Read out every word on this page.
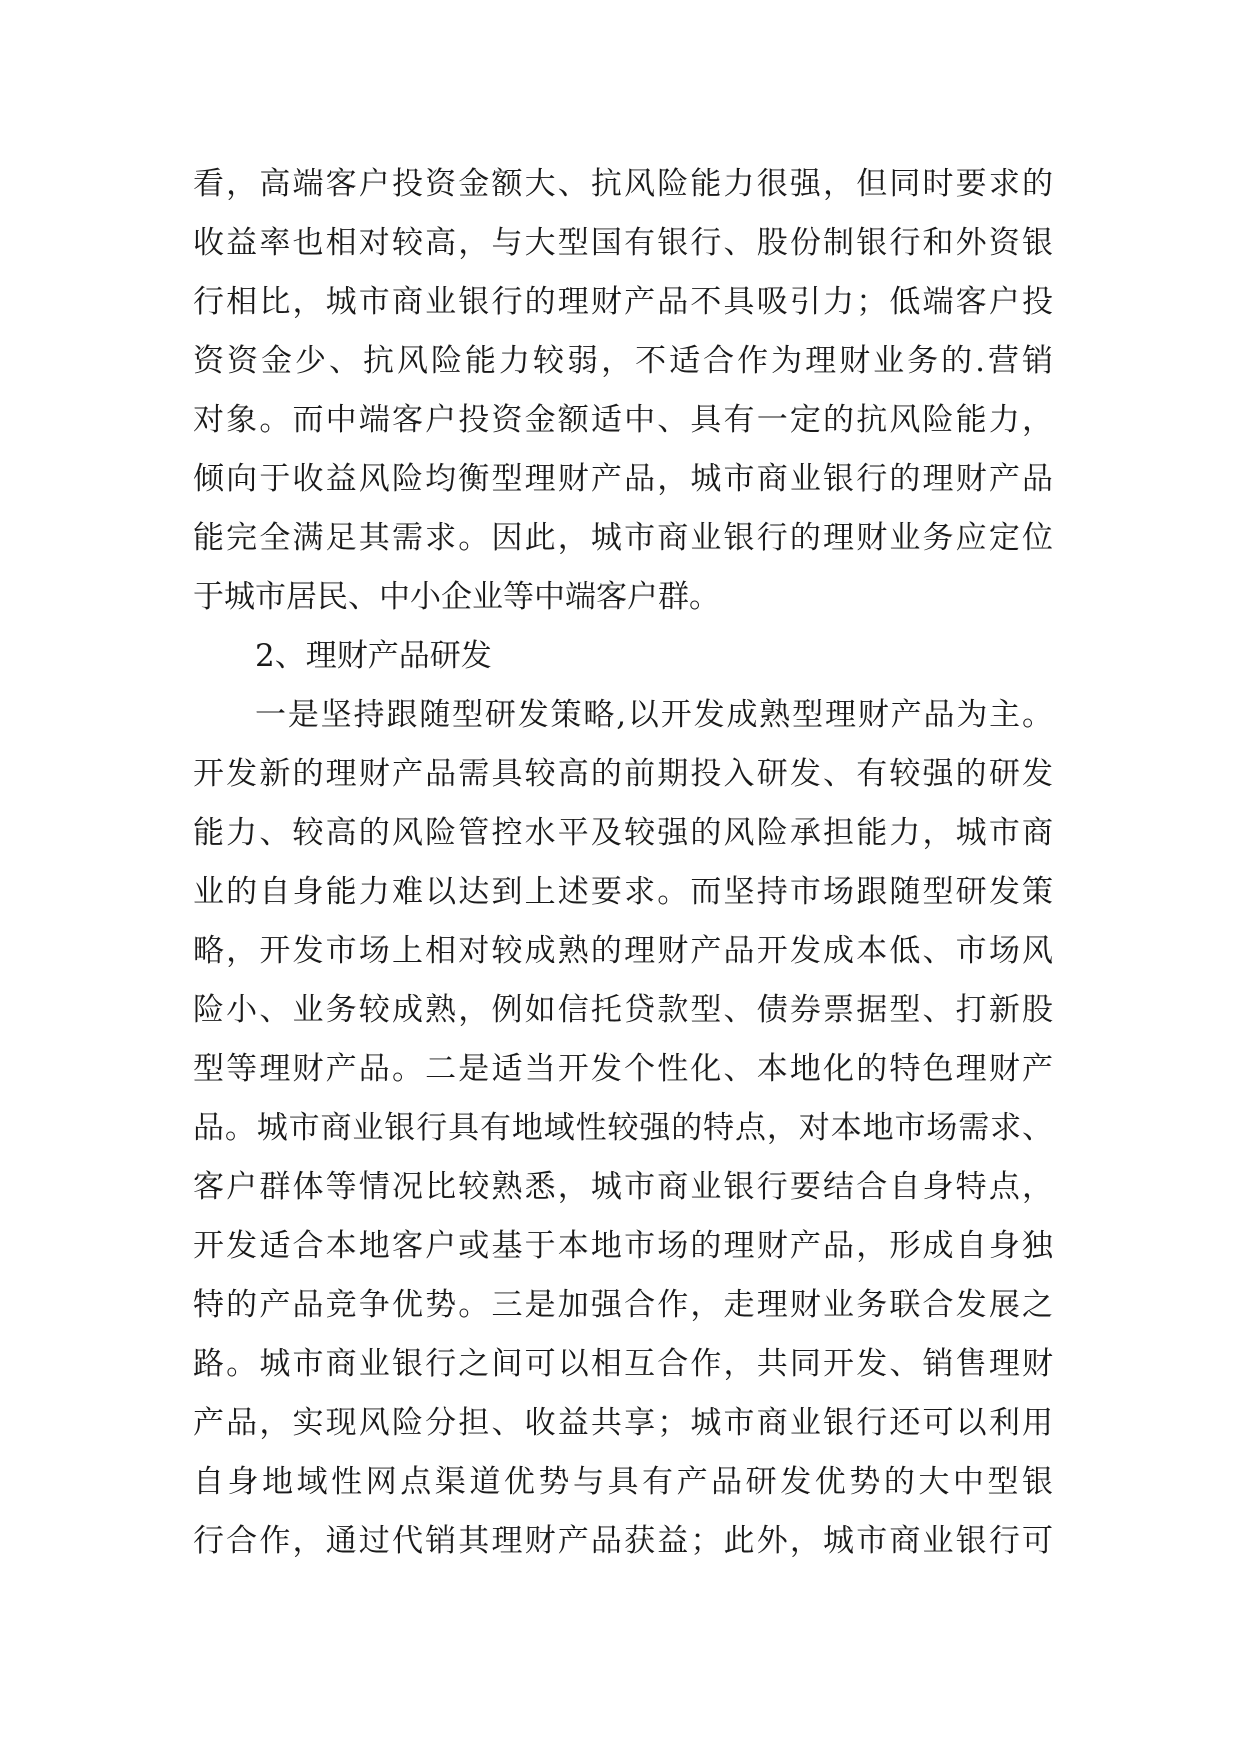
看，高端客户投资金额大、抗风险能力很强，但同时要求的
收益率也相对较高，与大型国有银行、股份制银行和外资银
行相比，城市商业银行的理财产品不具吸引力；低端客户投
资资金少、抗风险能力较弱，不适合作为理财业务的.营销
对象。而中端客户投资金额适中、具有一定的抗风险能力，
倾向于收益风险均衡型理财产品，城市商业银行的理财产品
能完全满足其需求。因此，城市商业银行的理财业务应定位
于城市居民、中小企业等中端客户群。
2、理财产品研发
一是坚持跟随型研发策略,以开发成熟型理财产品为主。
开发新的理财产品需具较高的前期投入研发、有较强的研发
能力、较高的风险管控水平及较强的风险承担能力，城市商
业的自身能力难以达到上述要求。而坚持市场跟随型研发策
略，开发市场上相对较成熟的理财产品开发成本低、市场风
险小、业务较成熟，例如信托贷款型、债券票据型、打新股
型等理财产品。二是适当开发个性化、本地化的特色理财产
品。城市商业银行具有地域性较强的特点，对本地市场需求、
客户群体等情况比较熟悉，城市商业银行要结合自身特点，
开发适合本地客户或基于本地市场的理财产品，形成自身独
特的产品竞争优势。三是加强合作，走理财业务联合发展之
路。城市商业银行之间可以相互合作，共同开发、销售理财
产品，实现风险分担、收益共享；城市商业银行还可以利用
自身地域性网点渠道优势与具有产品研发优势的大中型银
行合作，通过代销其理财产品获益；此外，城市商业银行可
